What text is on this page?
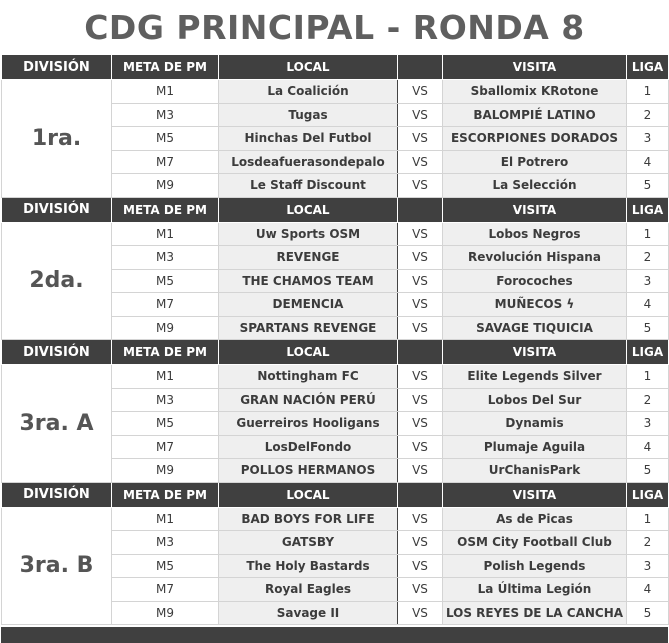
CDG PRINCIPAL - RONDA 8
DIVISIÓN	META DE PM	LOCAL		VISITA	LIGA
1ra.	M1	La Coalición	VS	Sballomix KRotone	1
	M3	Tugas	VS	BALOMPIÉ LATINO	2
	M5	Hinchas Del Futbol	VS	ESCORPIONES DORADOS	3
	M7	Losdeafuerasondepalo	VS	El Potrero	4
	M9	Le Staff Discount	VS	La Selección	5
DIVISIÓN	META DE PM	LOCAL		VISITA	LIGA
2da.	M1	Uw Sports OSM	VS	Lobos Negros	1
	M3	REVENGE	VS	Revolución Hispana	2
	M5	THE CHAMOS TEAM	VS	Forocoches	3
	M7	DEMENCIA	VS	MUÑECOS ϟ	4
	M9	SPARTANS REVENGE	VS	SAVAGE TIQUICIA	5
DIVISIÓN	META DE PM	LOCAL		VISITA	LIGA
3ra. A	M1	Nottingham FC	VS	Elite Legends Silver	1
	M3	GRAN NACIÓN PERÚ	VS	Lobos Del Sur	2
	M5	Guerreiros Hooligans	VS	Dynamis	3
	M7	LosDelFondo	VS	Plumaje Aguila	4
	M9	POLLOS HERMANOS	VS	UrChanisPark	5
DIVISIÓN	META DE PM	LOCAL		VISITA	LIGA
3ra. B	M1	BAD BOYS FOR LIFE	VS	As de Picas	1
	M3	GATSBY	VS	OSM City Football Club	2
	M5	The Holy Bastards	VS	Polish Legends	3
	M7	Royal Eagles	VS	La Última Legión	4
	M9	Savage II	VS	LOS REYES DE LA CANCHA	5
